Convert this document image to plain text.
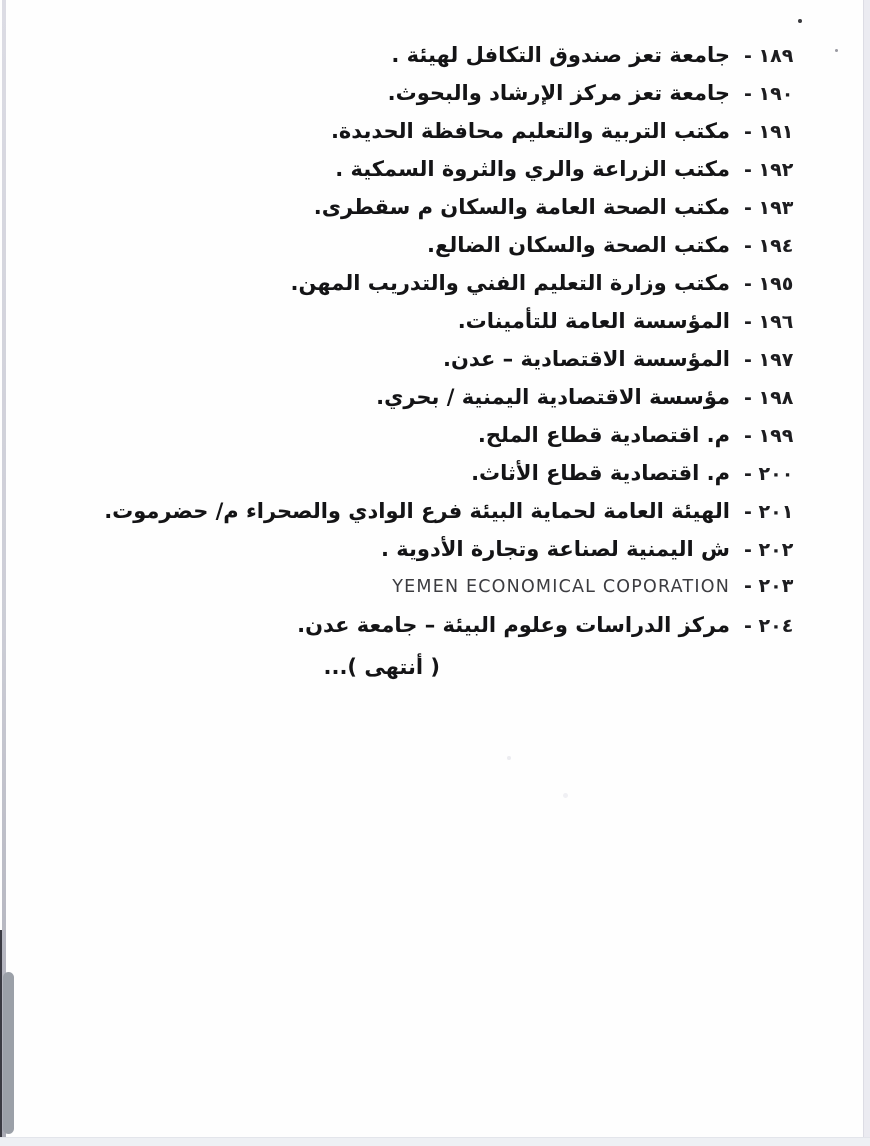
١٨٩ -
جامعة تعز صندوق التكافل لهيئة .
١٩٠ -
جامعة تعز مركز الإرشاد والبحوث.
١٩١ -
مكتب التربية والتعليم محافظة الحديدة.
١٩٢ -
مكتب الزراعة والري والثروة السمكية .
١٩٣ -
مكتب الصحة العامة والسكان م سقطرى.
١٩٤ -
مكتب الصحة والسكان الضالع.
١٩٥ -
مكتب وزارة التعليم الفني والتدريب المهن.
١٩٦ -
المؤسسة العامة للتأمينات.
١٩٧ -
المؤسسة الاقتصادية – عدن.
١٩٨ -
مؤسسة الاقتصادية اليمنية / بحري.
١٩٩ -
م. اقتصادية قطاع الملح.
٢٠٠ -
م. اقتصادية قطاع الأثاث.
٢٠١ -
الهيئة العامة لحماية البيئة فرع الوادي والصحراء م/ حضرموت.
٢٠٢ -
ش اليمنية لصناعة وتجارة الأدوية .
٢٠٣ -
YEMEN ECONOMICAL COPORATION
٢٠٤ -
مركز الدراسات وعلوم البيئة – جامعة عدن.
( أنتهى )...
